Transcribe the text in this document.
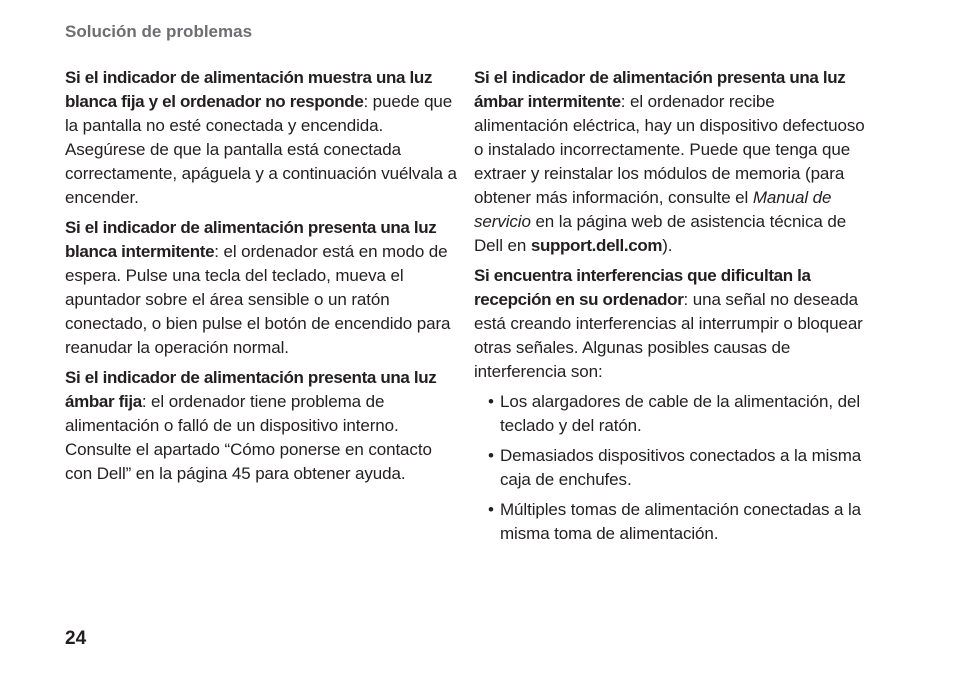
Solución de problemas

Si el indicador de alimentación muestra una luz blanca fija y el ordenador no responde: puede que la pantalla no esté conectada y encendida. Asegúrese de que la pantalla está conectada correctamente, apáguela y a continuación vuélvala a encender.

Si el indicador de alimentación presenta una luz blanca intermitente: el ordenador está en modo de espera. Pulse una tecla del teclado, mueva el apuntador sobre el área sensible o un ratón conectado, o bien pulse el botón de encendido para reanudar la operación normal.

Si el indicador de alimentación presenta una luz ámbar fija: el ordenador tiene problema de alimentación o falló de un dispositivo interno. Consulte el apartado “Cómo ponerse en contacto con Dell” en la página 45 para obtener ayuda.

Si el indicador de alimentación presenta una luz ámbar intermitente: el ordenador recibe alimentación eléctrica, hay un dispositivo defectuoso o instalado incorrectamente. Puede que tenga que extraer y reinstalar los módulos de memoria (para obtener más información, consulte el Manual de servicio en la página web de asistencia técnica de Dell en support.dell.com).

Si encuentra interferencias que dificultan la recepción en su ordenador: una señal no deseada está creando interferencias al interrumpir o bloquear otras señales. Algunas posibles causas de interferencia son:

• Los alargadores de cable de la alimentación, del teclado y del ratón.
• Demasiados dispositivos conectados a la misma caja de enchufes.
• Múltiples tomas de alimentación conectadas a la misma toma de alimentación.
24
